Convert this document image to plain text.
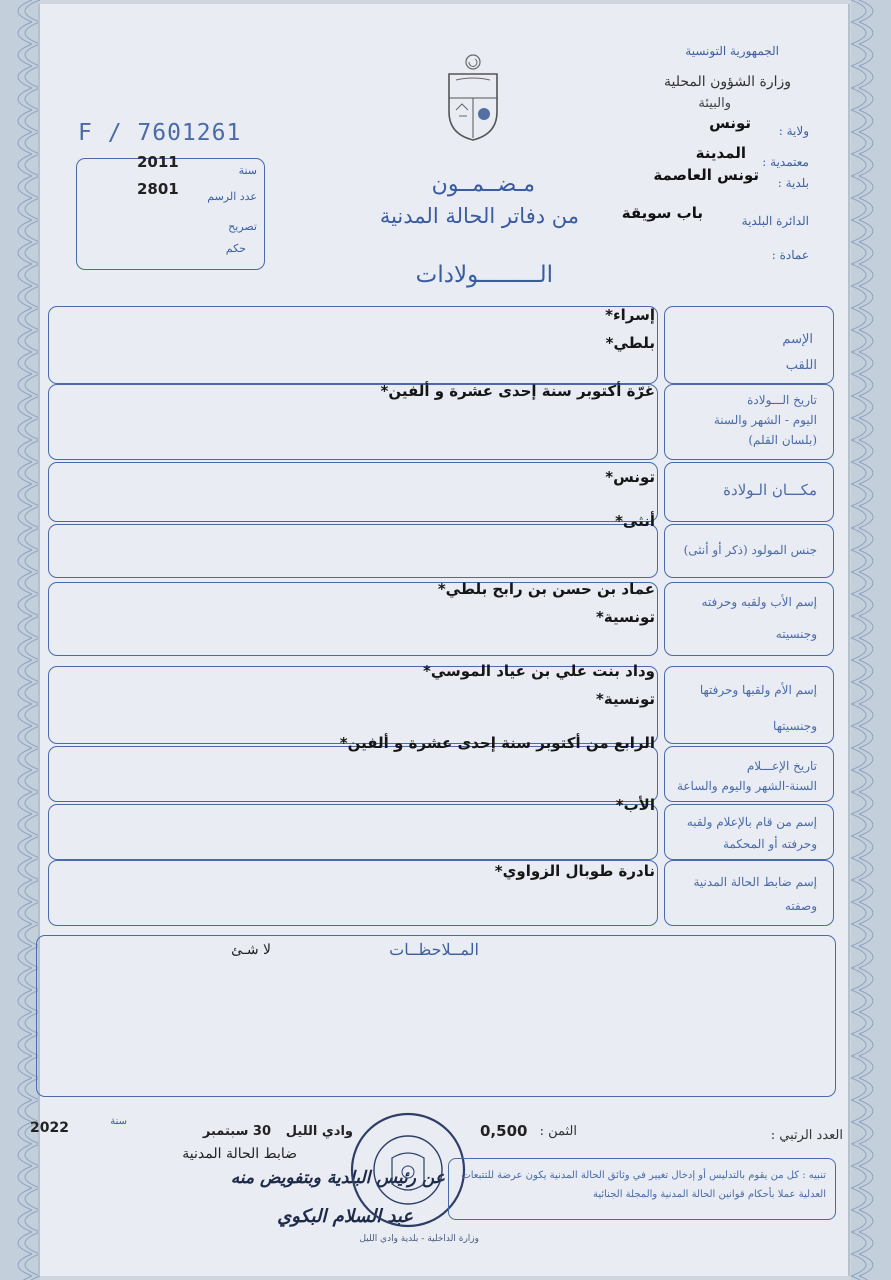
الجمهورية التونسية
وزارة الشؤون المحلية
والبيئة
ولاية :
تونس
معتمدية :
المدينة
بلدية :
تونس العاصمة
الدائرة البلدية
باب سويقة
عمادة :
F / 7601261
سنة
2011
عدد الرسم
2801
تصريح
حكم
مـضــمــون
من دفاتر الحالة المدنية
الـــــــــولادات
الإسم
اللقب
إسراء*
بلطي*
تاريخ الـــولادة
اليوم - الشهر والسنة
(بلسان القلم)
غرّة أكتوبر سنة إحدى عشرة و ألفين*
مكـــان الـولادة
تونس*
جنس المولود (ذكر أو أنثى)
أنثى*
إسم الأب ولقبه وحرفته
وجنسيته
عماد بن حسن بن رابح بلطي*
تونسية*
إسم الأم ولقبها وحرفتها
وجنسيتها
وداد بنت علي بن عياد الموسي*
تونسية*
تاريخ الإعـــلام
السنة-الشهر واليوم والساعة
الرابع من أكتوبر سنة إحدى عشرة و ألفين*
إسم من قام بالإعلام ولقبه
وحرفته أو المحكمة
الأب*
إسم ضابط الحالة المدنية
وصفته
نادرة طوبال الزواوي*
المــلاحظــات
لا شـئ
العدد الرتبي :
الثمن :
0,500
وادي الليل
30 سبتمبر
سنة
2022
ضابط الحالة المدنية
عن رئيس البلدية وبتفويض منه
عبد السلام البكوي
وزارة الداخلية - بلدية وادي الليل
تنبيه : كل من يقوم بالتدليس أو إدخال تغيير في وثائق الحالة المدنية يكون عرضة للتتبعات العدلية عملا بأحكام قوانين الحالة المدنية والمجلة الجنائية
